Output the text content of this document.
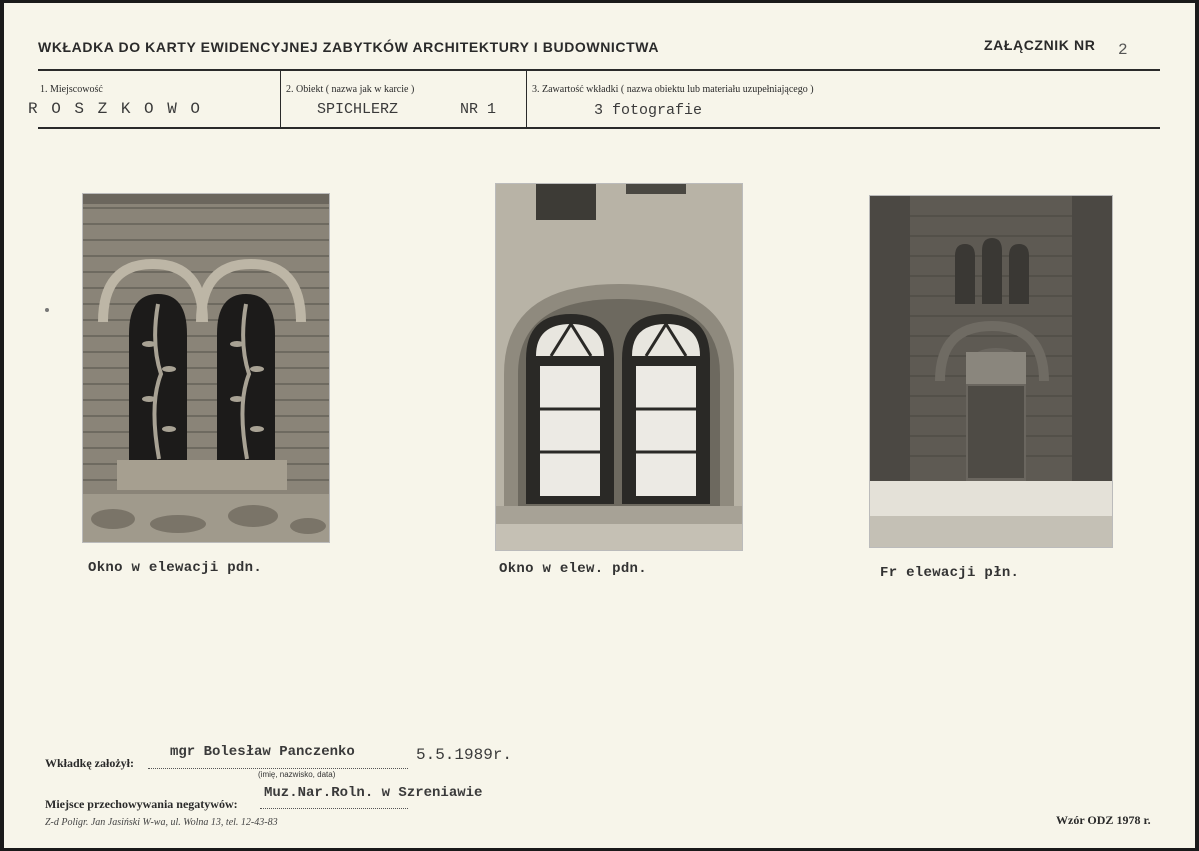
WKŁADKA DO KARTY EWIDENCYJNEJ ZABYTKÓW ARCHITEKTURY I BUDOWNICTWA	ZAŁĄCZNIK NR 2
1. Miejscowość
R O S Z K O W O
2. Obiekt ( nazwa jak w karcie )
SPICHLERZ	NR 1
3. Zawartość wkładki ( nazwa obiektu lub materiału uzupełniającego )
3 fotografie
Okno w elewacji pdn.	Okno w elew. pdn.	Fr elewacji płn.
Wkładkę założył:
mgr Bolesław Panczenko	5.5.1989r.
(imię, nazwisko, data)
Miejsce przechowywania negatywów:
Muz.Nar.Roln. w Szreniawie
Z-d Poligr. Jan Jasiński W-wa, ul. Wolna 13, tel. 12-43-83	Wzór ODZ 1978 r.
